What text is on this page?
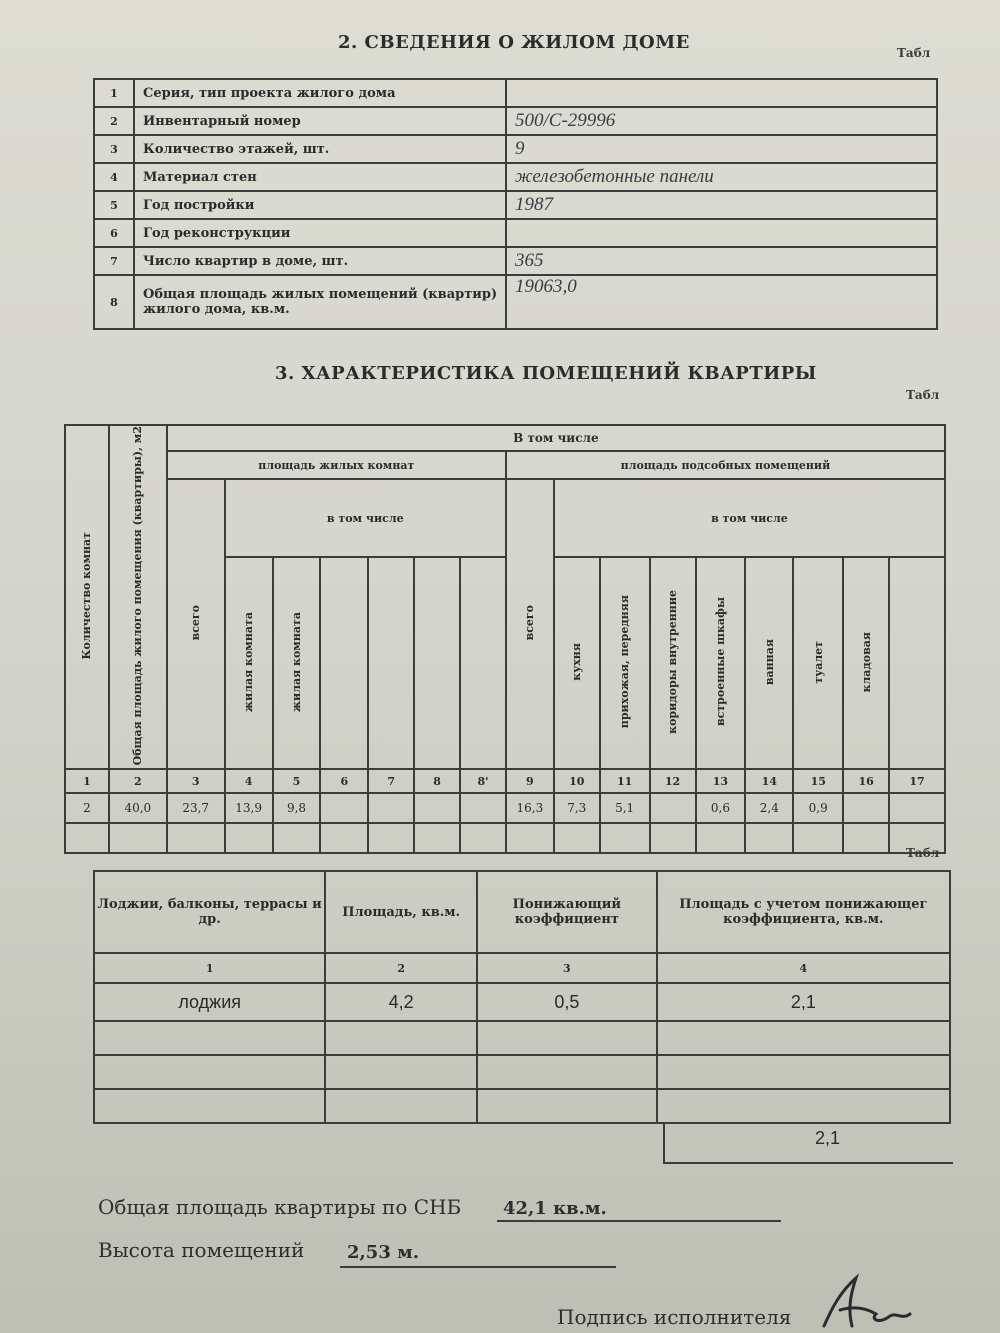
2. СВЕДЕНИЯ О ЖИЛОМ ДОМЕ	Табл
1	Серия, тип проекта жилого дома	
2	Инвентарный номер	500/С-29996
3	Количество этажей, шт.	9
4	Материал стен	железобетонные панели
5	Год постройки	1987
6	Год реконструкции	
7	Число квартир в доме, шт.	365
8	Общая площадь жилых помещений (квартир) жилого дома, кв.м.	19063,0
3. ХАРАКТЕРИСТИКА ПОМЕЩЕНИЙ КВАРТИРЫ
Табл
Количество комнат	Общая площадь жилого помещения (квартиры), м2	В том числе															
		площадь жилых комнат							площадь подсобных помещений								
		всего	в том числе						всего	в том числе							
			жилая комната	жилая комната						кухня	прихожая, передняя	коридоры внутренние	встроенные шкафы	ванная	туалет	кладовая	
1	2	3	4	5	6	7	8	8'	9	10	11	12	13	14	15	16	17
2	40,0	23,7	13,9	9,8					16,3	7,3	5,1		0,6	2,4	0,9		

Табл
Лоджии, балконы, террасы и др.	Площадь, кв.м.	Понижающий коэффициент	Площадь с учетом понижающег коэффициента, кв.м.
1	2	3	4
лоджия	4,2	0,5	2,1

2,1
Общая площадь квартиры по СНБ 42,1 кв.м.
Высота помещений 2,53 м.
Подпись исполнителя
